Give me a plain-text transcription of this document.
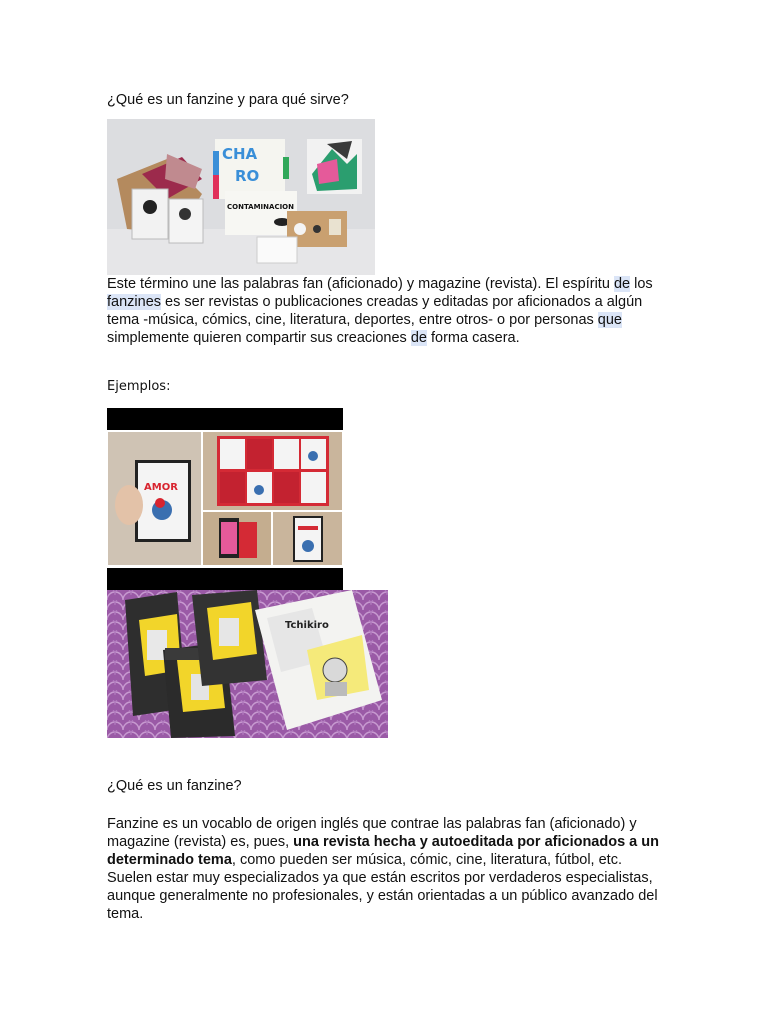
¿Qué es un fanzine y para qué sirve?
CHA
RO
CONTAMINACION
Este término une las palabras fan (aficionado) y magazine (revista). El espíritu de los fanzines es ser revistas o publicaciones creadas y editadas por aficionados a algún tema -música, cómics, cine, literatura, deportes, entre otros- o por personas que simplemente quieren compartir sus creaciones de forma casera.
Ejemplos:
AMOR
Tchikiro
¿Qué es un fanzine?
Fanzine es un vocablo de origen inglés que contrae las palabras fan (aficionado) y magazine (revista) es, pues, una revista hecha y autoeditada por aficionados a un determinado tema, como pueden ser música, cómic, cine, literatura, fútbol, etc. Suelen estar muy especializados ya que están escritos por verdaderos especialistas, aunque generalmente no profesionales, y están orientadas a un público avanzado del tema.
